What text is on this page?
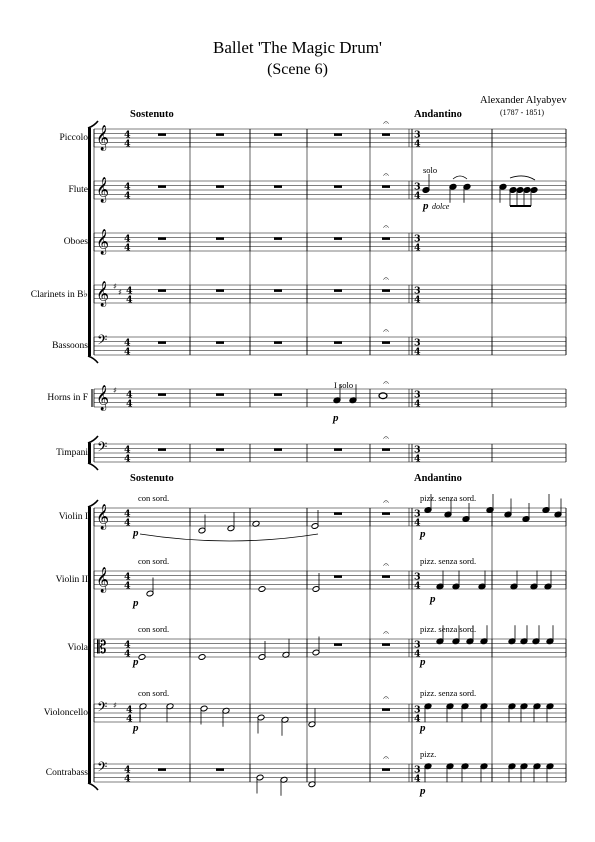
Ballet 'The Magic Drum'
(Scene 6)
Alexander Alyabyev
(1787 - 1851)
Sostenuto	Andantino
Sostenuto	Andantino
Piccolo
Flute
Oboes
Clarinets in B♭
Bassoons
Horns in F
Timpani
Violin I
Violin II
Viola
Violoncello
Contrabass
solo
p dolce
I solo
p
con sord.
con sord.
con sord.
con sord.
pizz. senza sord.
pizz. senza sord.
pizz. senza sord.
pizz. senza sord.
pizz.
p
p
p
p
p
p
p
p
p
𝄞 4
4
3
4
𝄐
𝄞 4
4
3
4
𝄐
𝄞 4
4
3
4
𝄐
𝄞 ♯
♯ 4
4
3
4
𝄐
𝄢 4
4
3
4
𝄐
𝄞 ♯ 4
4
3
4
𝄐
𝄢 4
4
3
4
𝄐
𝄞 4
4
3
4
𝄐
𝄞 4
4
3
4
𝄐
𝄡 4
4
3
4
𝄐
𝄢 ♯ 4
4
3
4
𝄐
𝄢 4
4
3
4
𝄐
